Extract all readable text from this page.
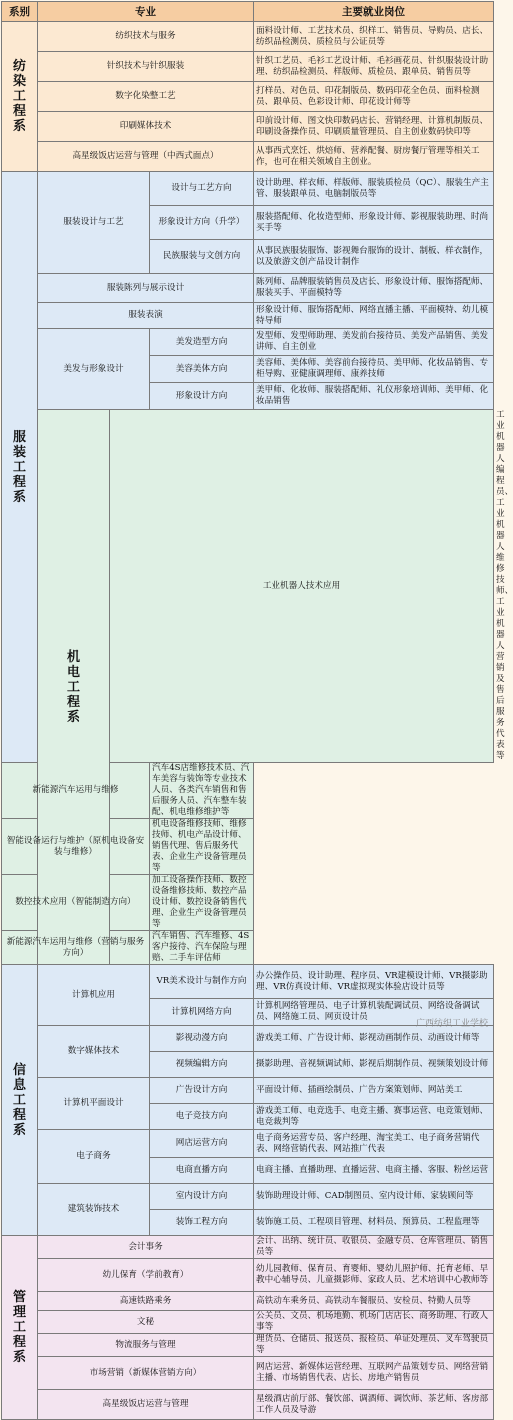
系别	专业			主要就业岗位	

纺
染
工
程
系	纺织技术与服务			面料设计师、工艺技术员、织样工、销售员、导购员、店长、纺织品检测员、质检员与公证员等	
	针织技术与针织服装			针织工艺员、毛衫工艺设计师、毛衫画花员、针织服装设计助理、纺织品检测员、样版师、质检员、跟单员、销售员等	
	数字化染整工艺			打样员、对色员、印花制版员、数码印花全色员、面料检测员、跟单员、色彩设计师、印花设计师等	
	印刷媒体技术			印前设计师、图文快印数码店长、营销经理、计算机制版员、印刷设备操作员、印刷质量管理员、自主创业数码快印等	
	高星级饭店运营与管理（中西式面点）			从事西式烹饪、烘焙师、营养配餐、厨房餐厅管理等相关工作，也可在相关领域自主创业。	

服
装
工
程
系	服装设计与工艺		设计与工艺方向	设计助理、样衣师、样版师、服装质检员（QC）、服装生产主管、服装跟单员、电脑制版员等	
			形象设计方向（升学）	服装搭配师、化妆造型师、形象设计师、影视服装助理、时尚买手等	
			民族服装与文创方向	从事民族服装服饰、影视舞台服饰的设计、制板、样衣制作，以及旅游文创产品设计制作	
	服装陈列与展示设计			陈列师、品牌服装销售员及店长、形象设计师、服饰搭配师、服装买手、平面模特等	
	服装表演			形象设计师、服饰搭配师、网络直播主播、平面模特、幼儿模特导师	
	美发与形象设计		美发造型方向	发型师、发型师助理、美发前台接待员、美发产品销售、美发讲师、自主创业	
			美容美体方向	美容师、美体师、美容前台接待员、美甲师、化妆品销售、专柜导购、亚健康调理师、康养技师	
			形象设计方向	美甲师、化妆师、服装搭配师、礼仪形象培训师、美甲师、化妆品销售	

	机
电
工
程
系	工业机器人技术应用			工业机器人编程员、工业机器人维修技师、工业机器人营销及售后服务代表等
新能源汽车运用与维修			汽车4S店维修技术员、汽车美容与装饰等专业技术人员、各类汽车销售和售后服务人员、汽车整车装配、机电维修维护等		
智能设备运行与维护（原机电设备安装与维修）			机电设备维修技师、维修技师、机电产品设计师、销售代理、售后服务代表、企业生产设备管理员等		
数控技术应用（智能制造方向）			加工设备操作技师、数控设备维修技师、数控产品设计师、数控设备销售代理、企业生产设备管理员等		
新能源汽车运用与维修（营销与服务方向）			汽车销售、汽车维修、4S客户接待、汽车保险与理赔、二手车评估师		

信
息
工
程
系	计算机应用		VR美术设计与制作方向	办公操作员、设计助理、程序员、VR建模设计师、VR摄影助理、VR仿真设计师、VR虚拟现实体验店设计员等	
			计算机网络方向	计算机网络管理员、电子计算机装配调试员、网络设备调试员、网络施工员、网页设计员	
	数字媒体技术		影视动漫方向	游戏美工师、广告设计师、影视动画制作员、动画设计师等	
			视频编辑方向	摄影助理、音视频调试师、影视后期制作员、视频策划设计师	
	计算机平面设计		广告设计方向	平面设计师、插画绘制员、广告方案策划师、网站美工	
			电子竞技方向	游戏美工师、电竞选手、电竞主播、赛事运营、电竞策划师、电竞裁判等	
	电子商务		网店运营方向	电子商务运营专员、客户经理、淘宝美工、电子商务营销代表、网络营销代表、网站推广代表	
			电商直播方向	电商主播、直播助理、直播运营、电商主播、客服、粉丝运营	
	建筑装饰技术		室内设计方向	装饰助理设计师、CAD制图员、室内设计师、家装顾问等	
			装饰工程方向	装饰施工员、工程项目管理、材料员、预算员、工程监理等	

管
理
工
程
系	会计事务			会计、出纳、统计员、收银员、金融专员、仓库管理员、销售员等	
	幼儿保育（学前教育）			幼儿园教师、保育员、育婴师、婴幼儿照护师、托育老师、早教中心辅导员、儿童摄影师、家政人员、艺术培训中心教师等	
	高速铁路乘务			高铁动车乘务员、高铁动车餐服员、安检员、特勤人员等	
	文秘			公关员、文员、机场地勤、机场门店店长、商务助理、行政人事等	
	物流服务与管理			理货员、仓储员、报送员、报检员、单证处理员、叉车驾驶员等	
	市场营销（新媒体营销方向）			网店运营、新媒体运营经理、互联网产品策划专员、网络营销主播、市场销售代表、店长、房地产销售员	
	高星级饭店运营与管理			星级酒店前厅部、餐饮部、调酒师、调饮师、茶艺师、客房部工作人员及导游	
广西纺织工业学校
